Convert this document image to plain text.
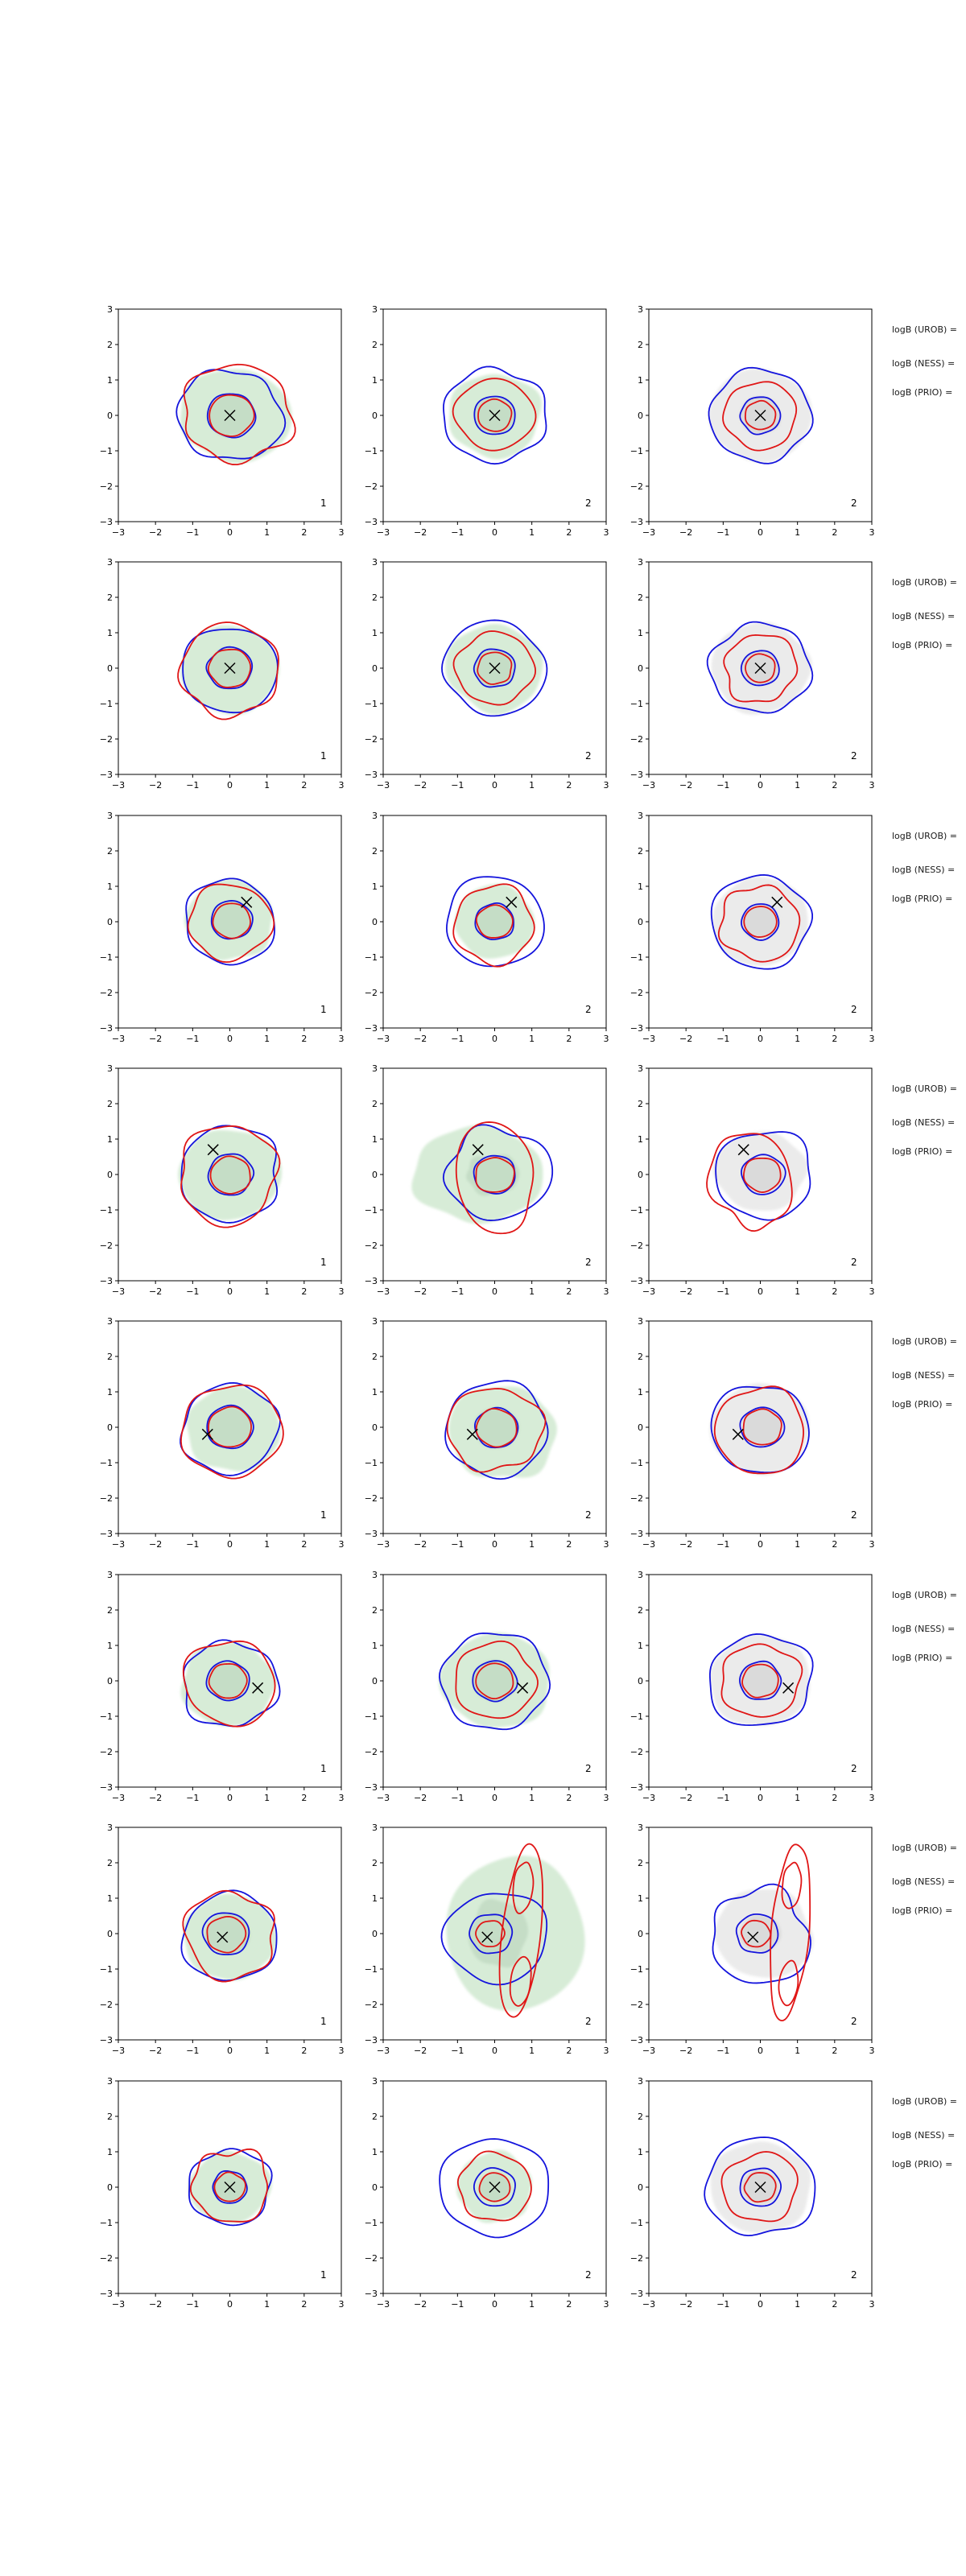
−3	−2	−1	0	1	2	3
3
2
1
0
−1
−2
−3
1
−3	−2	−1	0	1	2	3
3
2
1
0
−1
−2
−3
2
−3	−2	−1	0	1	2	3
3
2
1
0
−1
−2
−3
2
logB (UROB) =
logB (NESS) =
logB (PRIO) =
−3	−2	−1	0	1	2	3
3
2
1
0
−1
−2
−3
1
−3	−2	−1	0	1	2	3
3
2
1
0
−1
−2
−3
2
−3	−2	−1	0	1	2	3
3
2
1
0
−1
−2
−3
2
logB (UROB) =
logB (NESS) =
logB (PRIO) =
−3	−2	−1	0	1	2	3
3
2
1
0
−1
−2
−3
1
−3	−2	−1	0	1	2	3
3
2
1
0
−1
−2
−3
2
−3	−2	−1	0	1	2	3
3
2
1
0
−1
−2
−3
2
logB (UROB) =
logB (NESS) =
logB (PRIO) =
−3	−2	−1	0	1	2	3
3
2
1
0
−1
−2
−3
1
−3	−2	−1	0	1	2	3
3
2
1
0
−1
−2
−3
2
−3	−2	−1	0	1	2	3
3
2
1
0
−1
−2
−3
2
logB (UROB) =
logB (NESS) =
logB (PRIO) =
−3	−2	−1	0	1	2	3
3
2
1
0
−1
−2
−3
1
−3	−2	−1	0	1	2	3
3
2
1
0
−1
−2
−3
2
−3	−2	−1	0	1	2	3
3
2
1
0
−1
−2
−3
2
logB (UROB) =
logB (NESS) =
logB (PRIO) =
−3	−2	−1	0	1	2	3
3
2
1
0
−1
−2
−3
1
−3	−2	−1	0	1	2	3
3
2
1
0
−1
−2
−3
2
−3	−2	−1	0	1	2	3
3
2
1
0
−1
−2
−3
2
logB (UROB) =
logB (NESS) =
logB (PRIO) =
−3	−2	−1	0	1	2	3
3
2
1
0
−1
−2
−3
1
−3	−2	−1	0	1	2	3
3
2
1
0
−1
−2
−3
2
−3	−2	−1	0	1	2	3
3
2
1
0
−1
−2
−3
2
logB (UROB) =
logB (NESS) =
logB (PRIO) =
−3	−2	−1	0	1	2	3
3
2
1
0
−1
−2
−3
1
−3	−2	−1	0	1	2	3
3
2
1
0
−1
−2
−3
2
−3	−2	−1	0	1	2	3
3
2
1
0
−1
−2
−3
2
logB (UROB) =
logB (NESS) =
logB (PRIO) =
